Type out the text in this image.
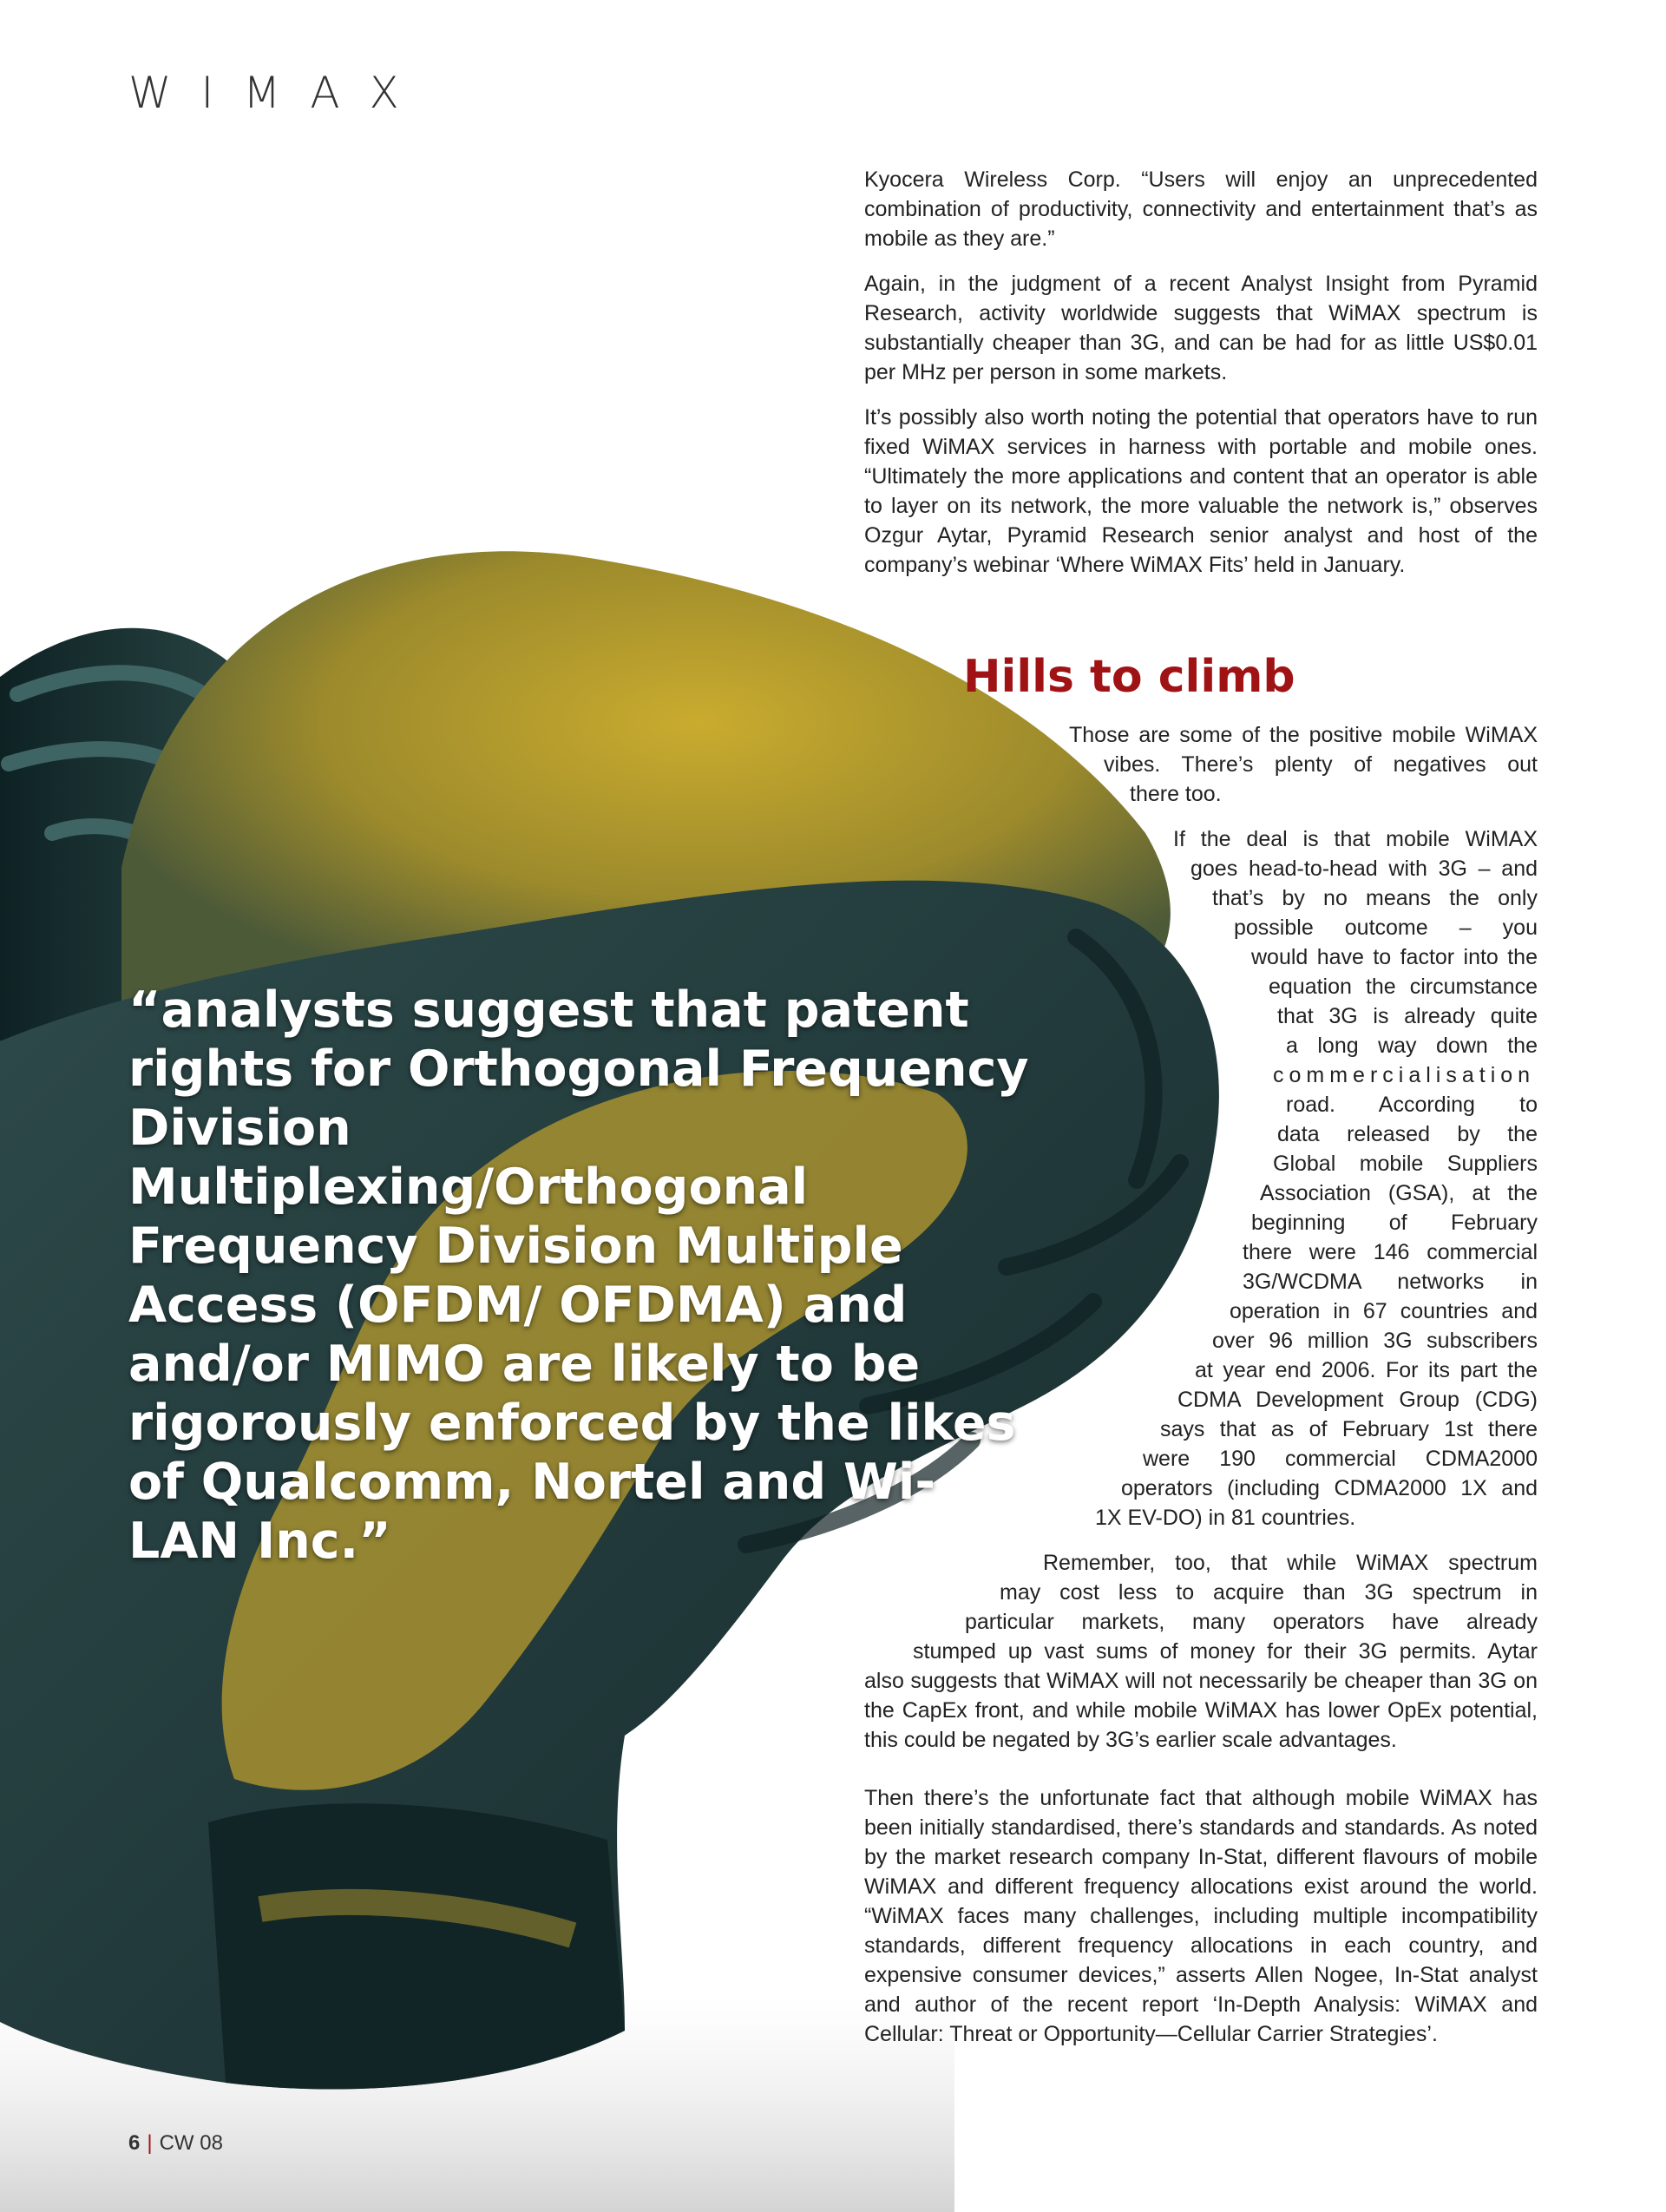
WIMAX

Kyocera Wireless Corp. “Users will enjoy an unprecedented combination of productivity, connectivity and entertainment that’s as mobile as they are.”

Again, in the judgment of a recent Analyst Insight from Pyramid Research, activity worldwide suggests that WiMAX spectrum is substantially cheaper than 3G, and can be had for as little US$0.01 per MHz per person in some markets.

It’s possibly also worth noting the potential that operators have to run fixed WiMAX services in harness with portable and mobile ones. “Ultimately the more applications and content that an operator is able to layer on its network, the more valuable the network is,” observes Ozgur Aytar, Pyramid Research senior analyst and host of the company’s webinar ‘Where WiMAX Fits’ held in January.

Hills to climb
Those are some of the positive mobile WiMAX
vibes. There’s plenty of negatives out
there too.
If the deal is that mobile WiMAX
goes head-to-head with 3G – and
that’s by no means the only
possible outcome – you
would have to factor into the
equation the circumstance
that 3G is already quite
a long way down the
commercialisation
road. According to
data released by the
Global mobile Suppliers
Association (GSA), at the
beginning of February
there were 146 commercial
3G/WCDMA networks in
operation in 67 countries and
over 96 million 3G subscribers
at year end 2006. For its part the
CDMA Development Group (CDG)
says that as of February 1st there
were 190 commercial CDMA2000
operators (including CDMA2000 1X and
1X EV-DO) in 81 countries.
Remember, too, that while WiMAX spectrum
may cost less to acquire than 3G spectrum in
particular markets, many operators have already
stumped up vast sums of money for their 3G permits. Aytar
also suggests that WiMAX will not necessarily be cheaper than 3G on the CapEx front, and while mobile WiMAX has lower OpEx potential, this could be negated by 3G’s earlier scale advantages.

Then there’s the unfortunate fact that although mobile WiMAX has been initially standardised, there’s standards and standards. As noted by the market research company In-Stat, different flavours of mobile WiMAX and different frequency allocations exist around the world. “WiMAX faces many challenges, including multiple incompatibility standards, different frequency allocations in each country, and expensive consumer devices,” asserts Allen Nogee, In-Stat analyst and author of the recent report ‘In-Depth Analysis: WiMAX and Cellular: Threat or Opportunity—Cellular Carrier Strategies’.

“analysts suggest that patent rights for Orthogonal Frequency Division Multiplexing/Orthogonal Frequency Division Multiple Access (OFDM/ OFDMA) and and/or MIMO are likely to be rigorously enforced by the likes of Qualcomm, Nortel and Wi-LAN Inc.”
6 | CW 08
